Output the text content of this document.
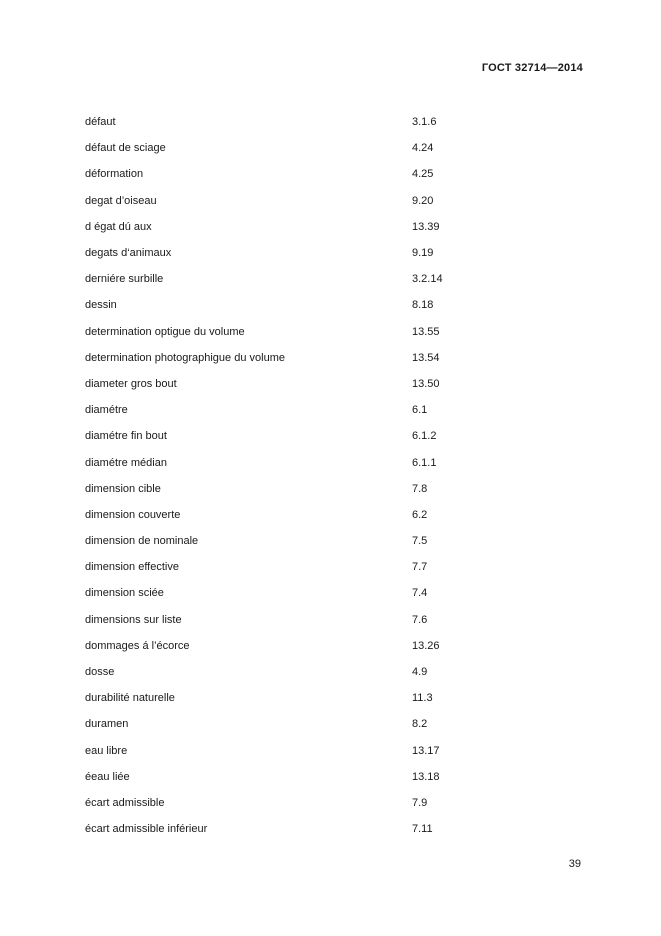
ГОСТ 32714—2014
défaut	3.1.6
défaut de sciage	4.24
déformation	4.25
degat d’oiseau	9.20
d égat dú aux	13.39
degats d‘animaux	9.19
derniére surbille	3.2.14
dessin	8.18
determination optigue du volume	13.55
determination photographigue du volume	13.54
diameter gros bout	13.50
diamétre	6.1
diamétre fin bout	6.1.2
diamétre médian	6.1.1
dimension cible	7.8
dimension couverte	6.2
dimension de nominale	7.5
dimension effective	7.7
dimension sciée	7.4
dimensions sur liste	7.6
dommages á l’écorce	13.26
dosse	4.9
durabilité naturelle	11.3
duramen	8.2
eau libre	13.17
éeau liée	13.18
écart admissible	7.9
écart admissible inférieur	7.11
39
